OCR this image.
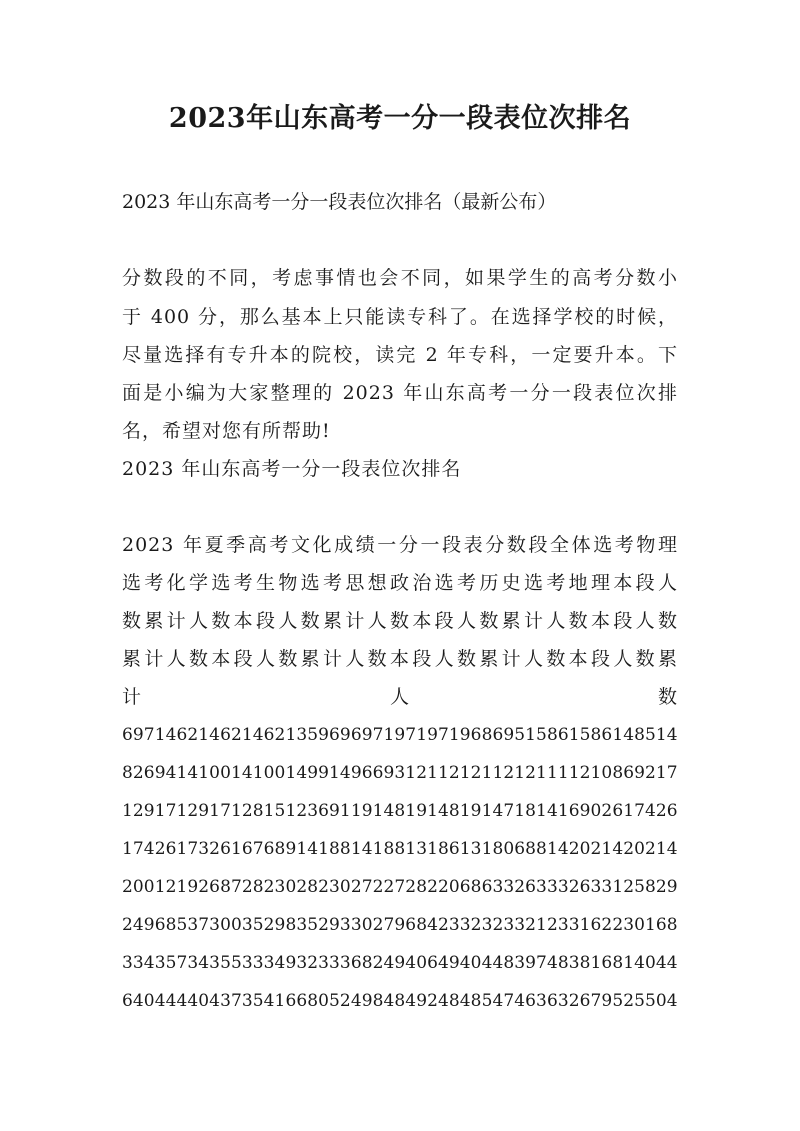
2023年山东高考一分一段表位次排名

2023 年山东高考一分一段表位次排名（最新公布）

分数段的不同，考虑事情也会不同，如果学生的高考分数小

于 400 分，那么基本上只能读专科了。在选择学校的时候，

尽量选择有专升本的院校，读完 2 年专科，一定要升本。下

面是小编为大家整理的 2023 年山东高考一分一段表位次排

名，希望对您有所帮助!

2023 年山东高考一分一段表位次排名

2023 年夏季高考文化成绩一分一段表分数段全体选考物理

选考化学选考生物选考思想政治选考历史选考地理本段人

数累计人数本段人数累计人数本段人数累计人数本段人数

累计人数本段人数累计人数本段人数累计人数本段人数累

计　　　　　　　　　　人　　　　　　　　　　数

697146214621462135969697197197196869515861586148514

826941410014100149914966931211212112121111210869217

129171291712815123691191481914819147181416902617426

174261732616768914188141881318613180688142021420214

200121926872823028230272272822068633263332633125829

249685373003529835293302796842332323321233162230168

334357343553334932333682494064940448397483816814044

640444404373541668052498484924848547463632679525504
